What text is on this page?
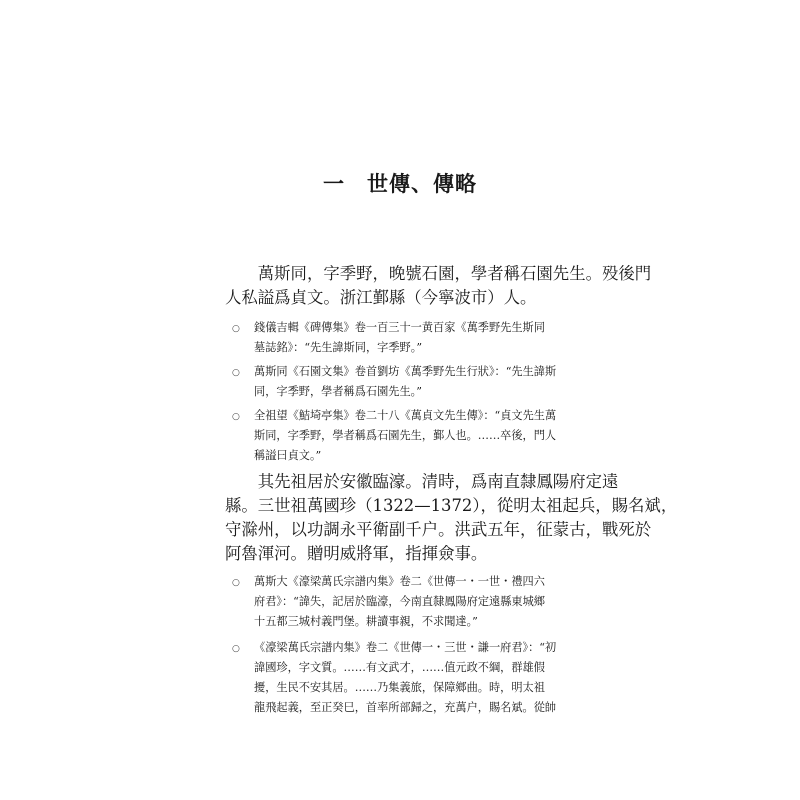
一 世傳、傳略
　　萬斯同，字季野，晚號石園，學者稱石園先生。殁後門
人私謚爲貞文。浙江鄞縣（今寧波市）人。
○ 錢儀吉輯《碑傳集》卷一百三十一黄百家《萬季野先生斯同
墓誌銘》：“先生諱斯同，字季野。”
○ 萬斯同《石園文集》卷首劉坊《萬季野先生行狀》：“先生諱斯
同，字季野，學者稱爲石園先生。”
○ 全祖望《鮚埼亭集》卷二十八《萬貞文先生傳》：“貞文先生萬
斯同，字季野，學者稱爲石園先生，鄞人也。……卒後，門人
稱謚曰貞文。”
　　其先祖居於安徽臨濠。清時，爲南直隸鳳陽府定遠
縣。三世祖萬國珍（1322—1372），從明太祖起兵，賜名斌，
守滁州，以功調永平衛副千户。洪武五年，征蒙古，戰死於
阿魯渾河。贈明威將軍，指揮僉事。
○ 萬斯大《濠梁萬氏宗譜内集》卷二《世傳一・一世・禮四六
府君》：“諱失，記居於臨濠，今南直隸鳳陽府定遠縣東城鄉
十五都三城村義門堡。耕讀事親，不求聞達。”
○ 《濠梁萬氏宗譜内集》卷二《世傳一・三世・謙一府君》：“初
諱國珍，字文質。……有文武才，……值元政不綱，群雄假
擾，生民不安其居。……乃集義旅，保障鄉曲。時，明太祖
龍飛起義，至正癸巳，首率所部歸之，充萬户，賜名斌。從帥
